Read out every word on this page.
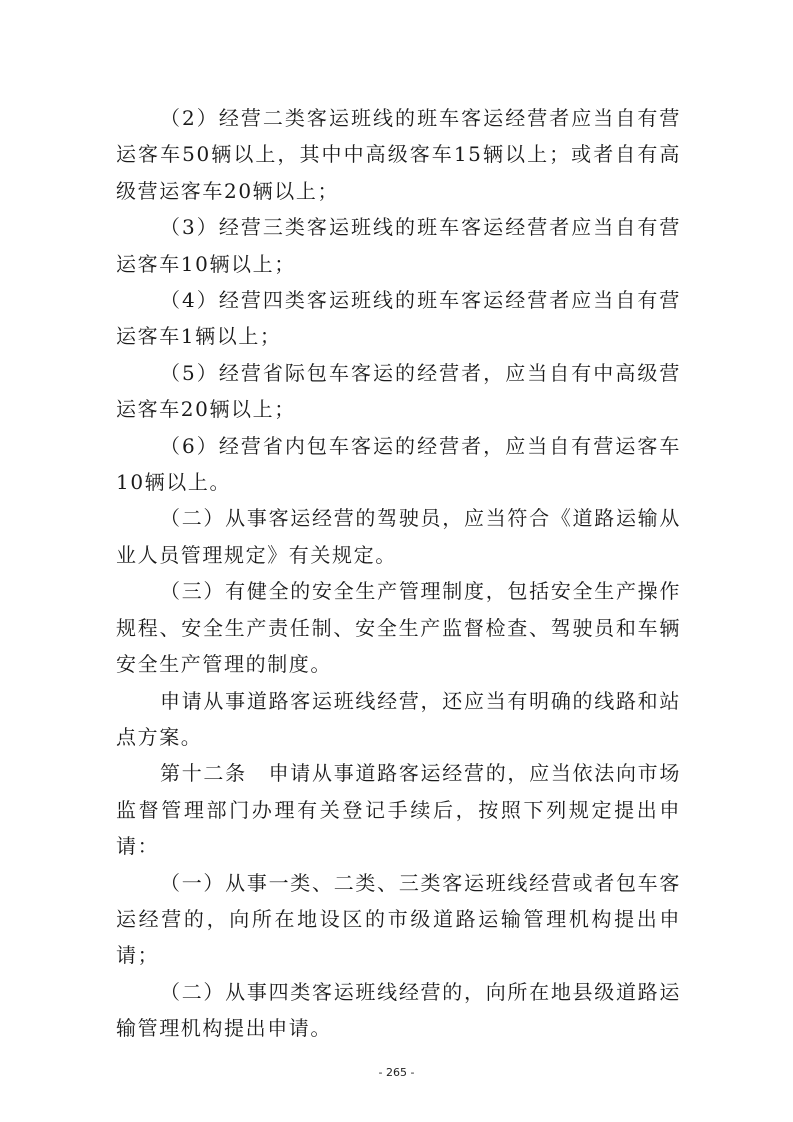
（2）经营二类客运班线的班车客运经营者应当自有营运客车50辆以上，其中中高级客车15辆以上；或者自有高级营运客车20辆以上；

（3）经营三类客运班线的班车客运经营者应当自有营运客车10辆以上；

（4）经营四类客运班线的班车客运经营者应当自有营运客车1辆以上；

（5）经营省际包车客运的经营者，应当自有中高级营运客车20辆以上；

（6）经营省内包车客运的经营者，应当自有营运客车10辆以上。

（二）从事客运经营的驾驶员，应当符合《道路运输从业人员管理规定》有关规定。

（三）有健全的安全生产管理制度，包括安全生产操作规程、安全生产责任制、安全生产监督检查、驾驶员和车辆安全生产管理的制度。

申请从事道路客运班线经营，还应当有明确的线路和站点方案。

第十二条　申请从事道路客运经营的，应当依法向市场监督管理部门办理有关登记手续后，按照下列规定提出申请：

（一）从事一类、二类、三类客运班线经营或者包车客运经营的，向所在地设区的市级道路运输管理机构提出申请；

（二）从事四类客运班线经营的，向所在地县级道路运输管理机构提出申请。

- 265 -
